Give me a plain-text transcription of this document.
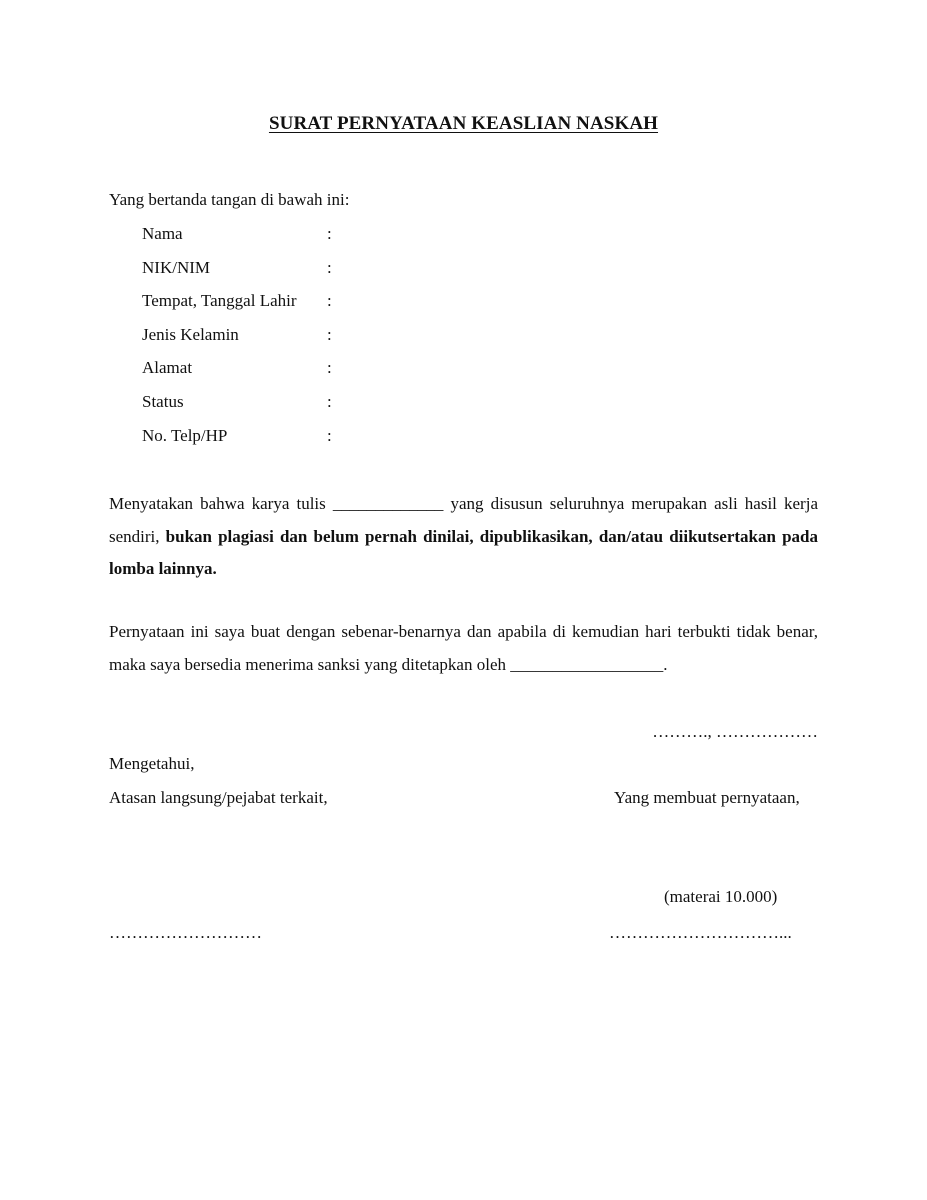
SURAT PERNYATAAN KEASLIAN NASKAH
Yang bertanda tangan di bawah ini:
Nama	:
NIK/NIM	:
Tempat, Tanggal Lahir :
Jenis Kelamin	:
Alamat	:
Status	:
No. Telp/HP	:

Menyatakan bahwa karya tulis _____________ yang disusun seluruhnya merupakan asli hasil kerja sendiri, bukan plagiasi dan belum pernah dinilai, dipublikasikan, dan/atau diikutsertakan pada lomba lainnya.

Pernyataan ini saya buat dengan sebenar-benarnya dan apabila di kemudian hari terbukti tidak benar, maka saya bersedia menerima sanksi yang ditetapkan oleh __________________.

………., ………………
Mengetahui,
Atasan langsung/pejabat terkait,	Yang membuat pernyataan,
(materai 10.000)
………………………	…………………………...
